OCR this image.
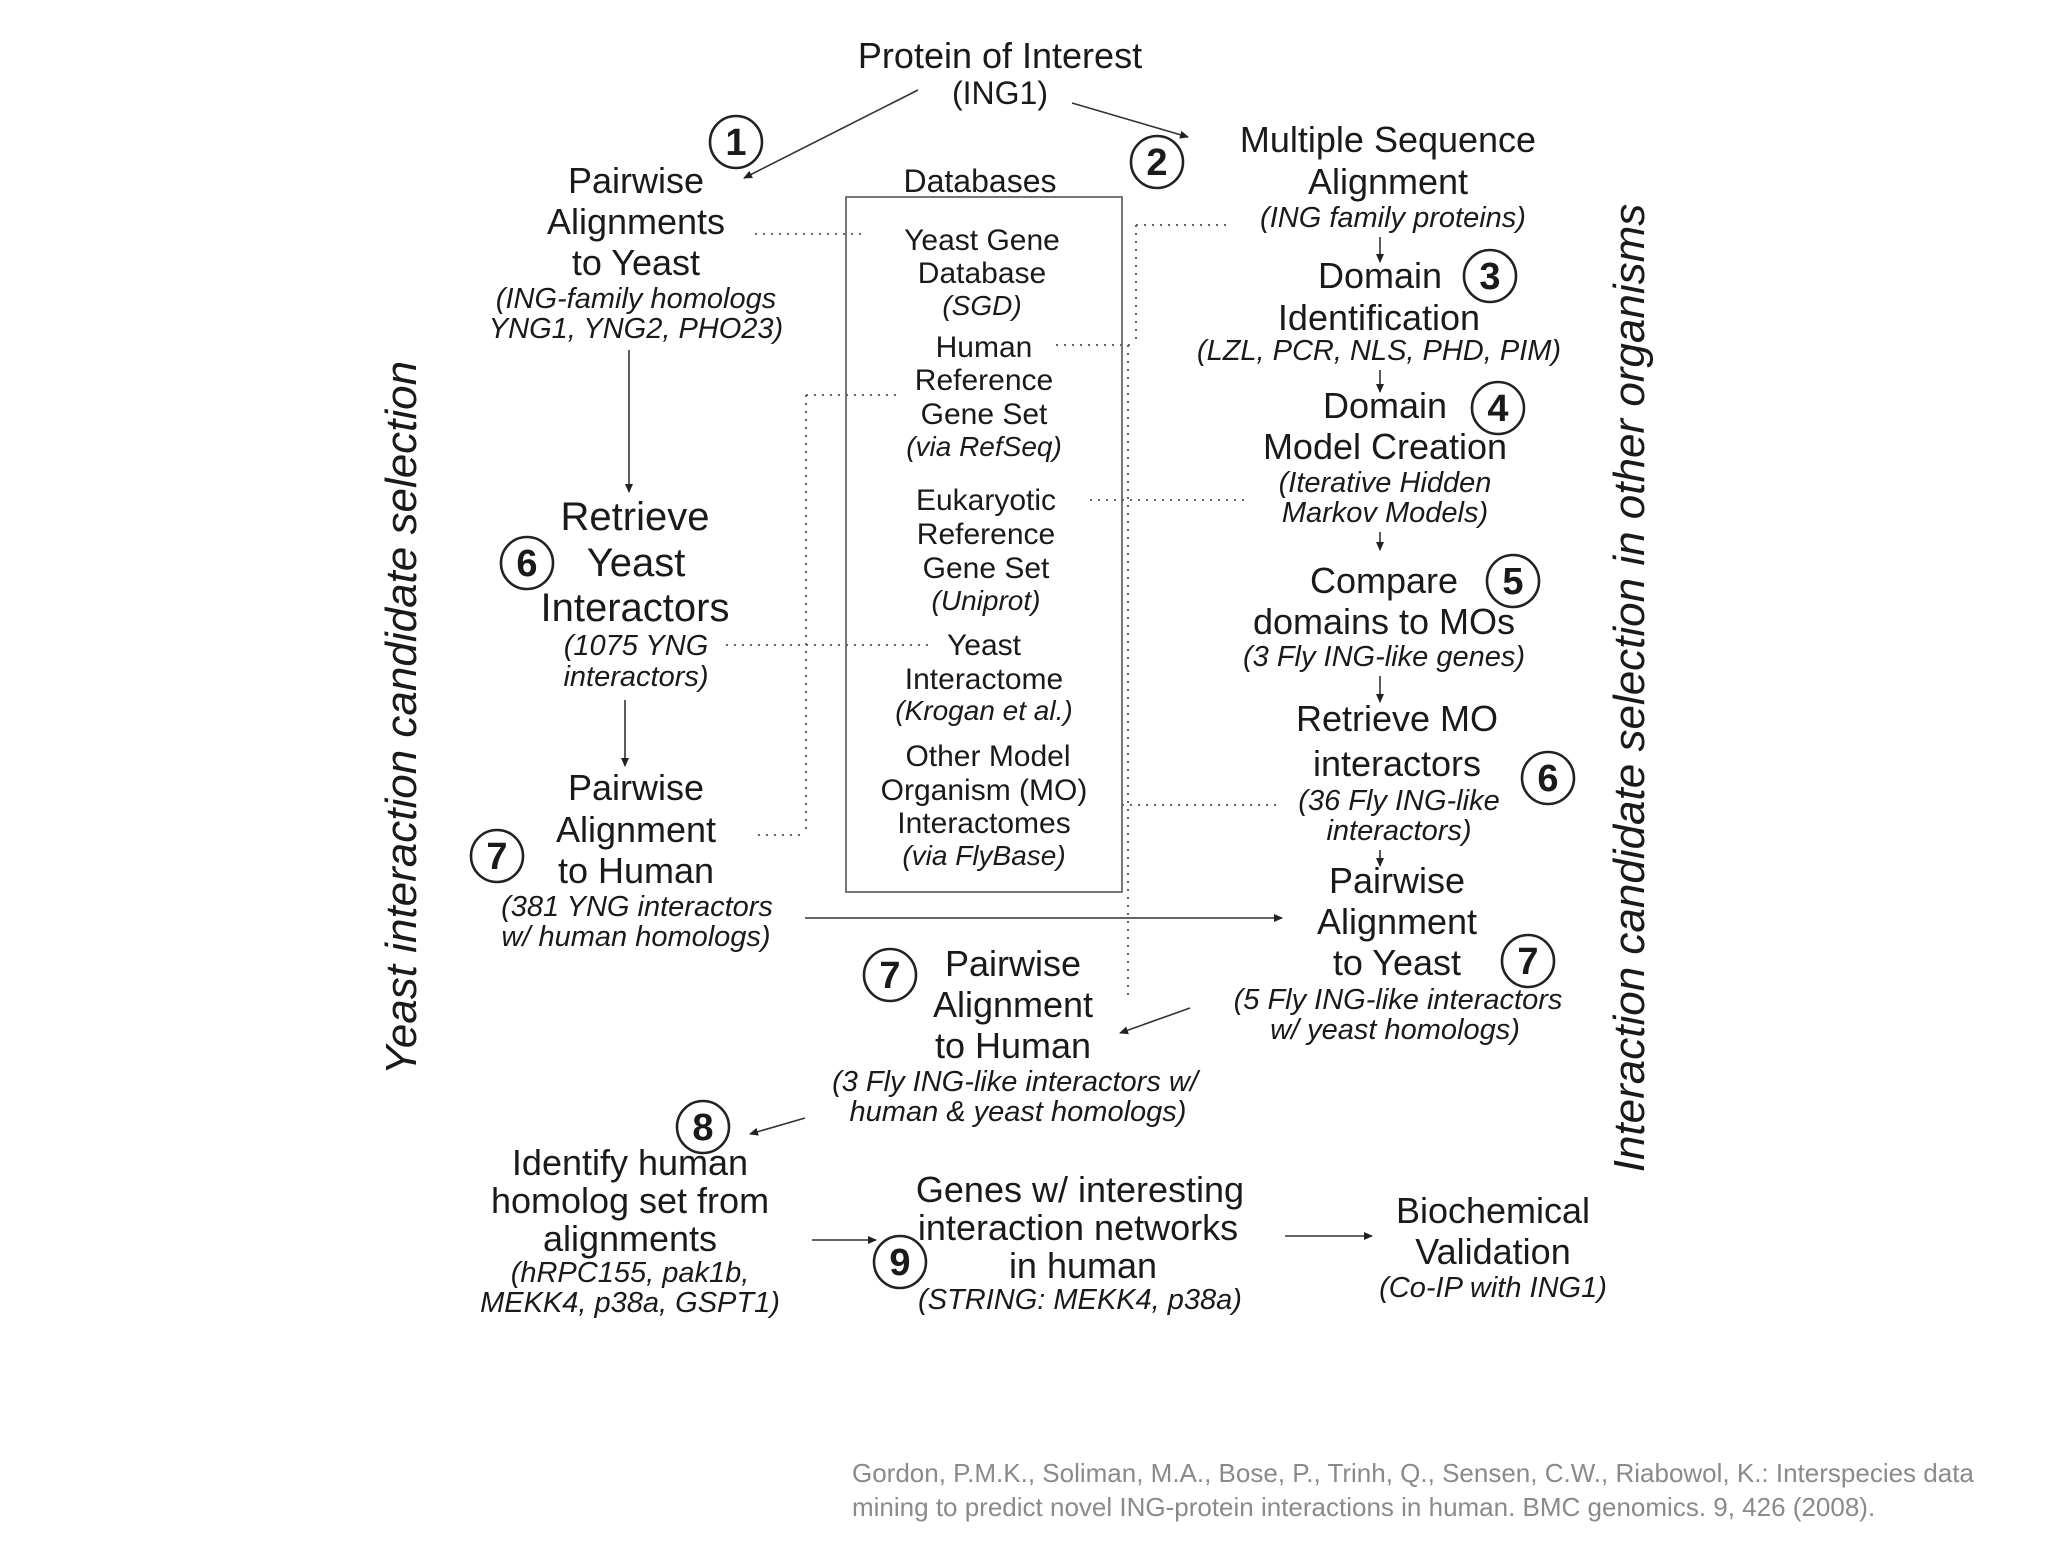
Protein of Interest
(ING1)
Databases
Yeast Gene
Database
(SGD)
Human
Reference
Gene Set
(via RefSeq)
Eukaryotic
Reference
Gene Set
(Uniprot)
Yeast
Interactome
(Krogan et al.)
Other Model
Organism (MO)
Interactomes
(via FlyBase)
1
Pairwise
Alignments
to Yeast
(ING-family homologs
YNG1, YNG2, PHO23)
2
Multiple Sequence
Alignment
(ING family proteins)
Domain 3
Identification
(LZL, PCR, NLS, PHD, PIM)
Domain 4
Model Creation
(Iterative Hidden
Markov Models)
Compare 5
domains to MOs
(3 Fly ING-like genes)
Retrieve MO
interactors 6
(36 Fly ING-like
interactors)
Pairwise
Alignment
to Yeast 7
(5 Fly ING-like interactors
w/ yeast homologs)
Retrieve
6 Yeast
Interactors
(1075 YNG
interactors)
Pairwise
Alignment
7 to Human
(381 YNG interactors
w/ human homologs)
7 Pairwise
Alignment
to Human
(3 Fly ING-like interactors w/
human & yeast homologs)
8
Identify human
homolog set from
alignments
(hRPC155, pak1b,
MEKK4, p38a, GSPT1)
Genes w/ interesting
interaction networks
9	in human
(STRING: MEKK4, p38a)
Biochemical
Validation
(Co-IP with ING1)
Yeast interaction candidate selection	Interaction candidate selection in other organisms

Gordon, P.M.K., Soliman, M.A., Bose, P., Trinh, Q., Sensen, C.W., Riabowol, K.: Interspecies data mining to predict novel ING-protein interactions in human. BMC genomics. 9, 426 (2008).
